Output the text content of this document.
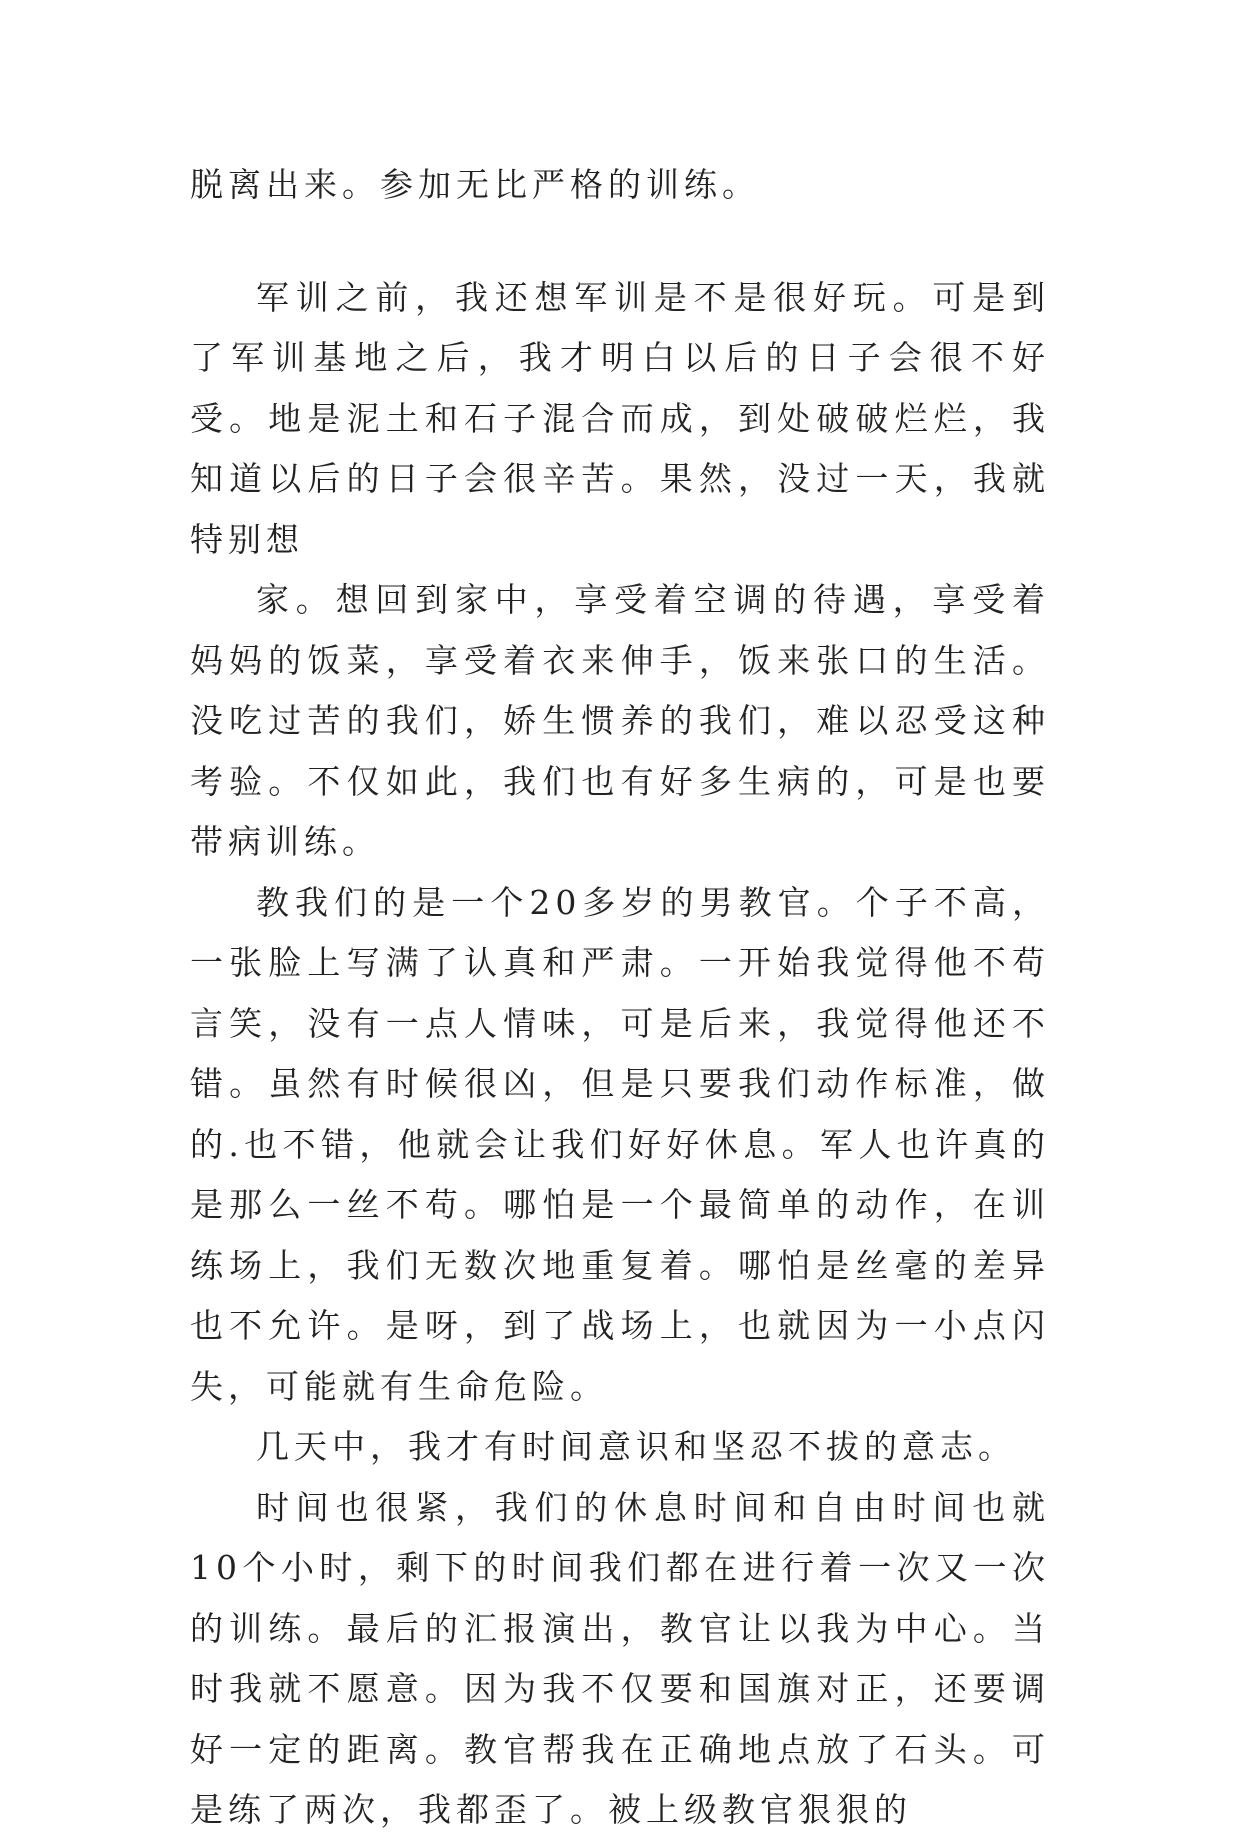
脱离出来。参加无比严格的训练。

军训之前，我还想军训是不是很好玩。可是到了军训基地之后，我才明白以后的日子会很不好受。地是泥土和石子混合而成，到处破破烂烂，我知道以后的日子会很辛苦。果然，没过一天，我就特别想

家。想回到家中，享受着空调的待遇，享受着妈妈的饭菜，享受着衣来伸手，饭来张口的生活。没吃过苦的我们，娇生惯养的我们，难以忍受这种考验。不仅如此，我们也有好多生病的，可是也要带病训练。

教我们的是一个20多岁的男教官。个子不高，一张脸上写满了认真和严肃。一开始我觉得他不苟言笑，没有一点人情味，可是后来，我觉得他还不错。虽然有时候很凶，但是只要我们动作标准，做的.也不错，他就会让我们好好休息。军人也许真的是那么一丝不苟。哪怕是一个最简单的动作，在训练场上，我们无数次地重复着。哪怕是丝毫的差异也不允许。是呀，到了战场上，也就因为一小点闪失，可能就有生命危险。

几天中，我才有时间意识和坚忍不拔的意志。

时间也很紧，我们的休息时间和自由时间也就10个小时，剩下的时间我们都在进行着一次又一次的训练。最后的汇报演出，教官让以我为中心。当时我就不愿意。因为我不仅要和国旗对正，还要调好一定的距离。教官帮我在正确地点放了石头。可是练了两次，我都歪了。被上级教官狠狠的
